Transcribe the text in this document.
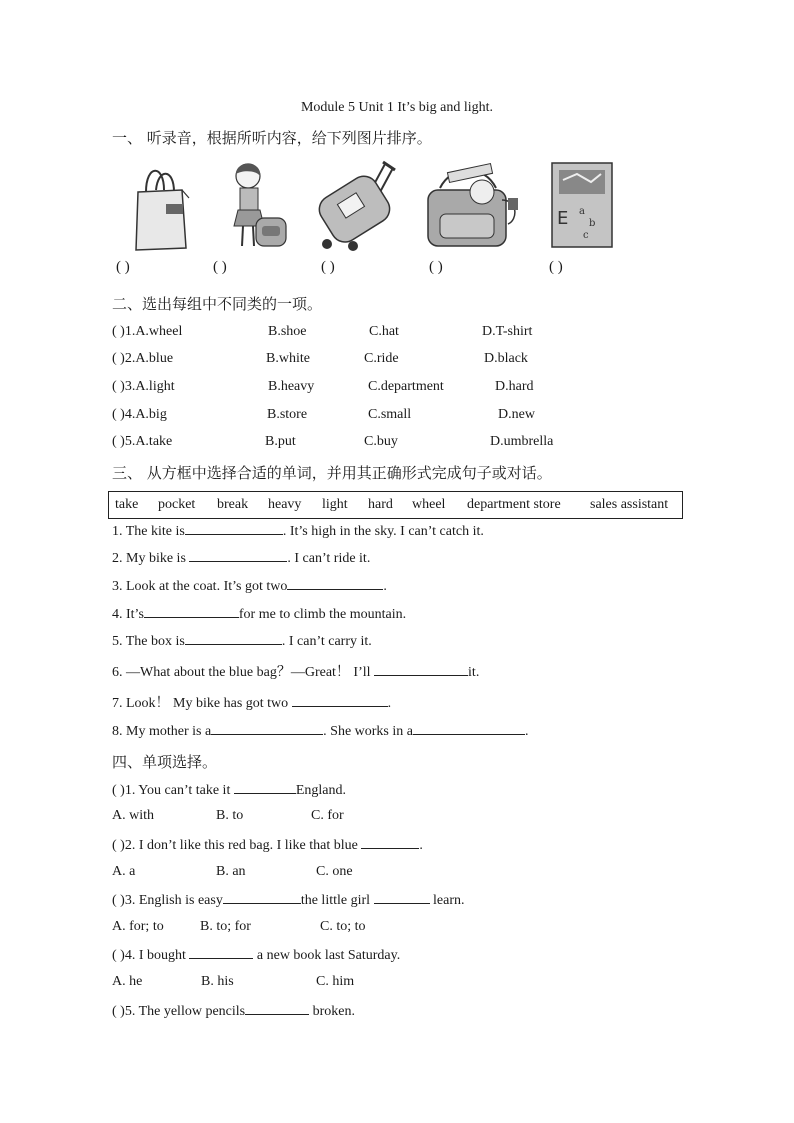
Module 5 Unit 1 It’s big and light.
一、 听录音，根据所听内容，给下列图片排序。
E a
b
c
( )	( )	( )	( )	( )
二、选出每组中不同类的一项。
( )1.A.wheel	B.shoe	C.hat	D.T-shirt
( )2.A.blue	B.white	C.ride	D.black
( )3.A.light	B.heavy	C.department	D.hard
( )4.A.big	B.store	C.small	D.new
( )5.A.take	B.put	C.buy	D.umbrella
三、 从方框中选择合适的单词，并用其正确形式完成句子或对话。
take pocket break heavy light hard wheel department store sales assistant
1. The kite is	. It’s high in the sky. I can’t catch it.
2. My bike is	. I can’t ride it.
3. Look at the coat. It’s got two	.
4. It’s	for me to climb the mountain.
5. The box is	. I can’t carry it.
6. —What about the blue bag？—Great！ I’ll	it.
7. Look！ My bike has got two	.
8. My mother is a	. She works in a	.
四、单项选择。
( )1. You can’t take it	England.
A. with	B. to	C. for
( )2. I don’t like this red bag. I like that blue	.
A. a	B. an	C. one
( )3. English is easy	the little girl	learn.
A. for; to	B. to; for	C. to; to
( )4. I bought	a new book last Saturday.
A. he	B. his	C. him
( )5. The yellow pencils	broken.
